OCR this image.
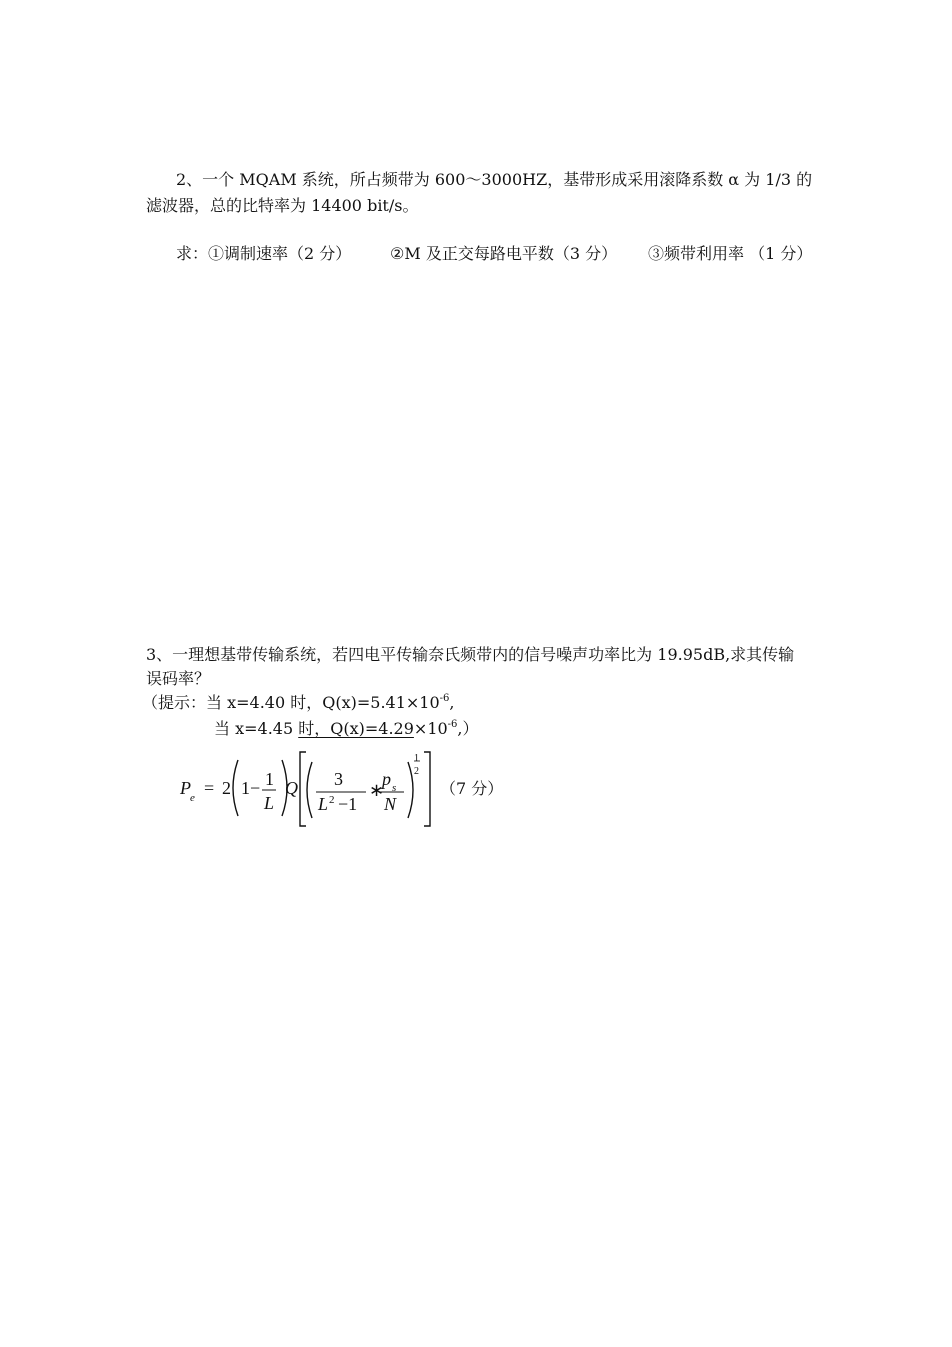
2、一个 MQAM 系统，所占频带为 600～3000HZ，基带形成采用滚降系数 α 为 1/3 的
滤波器，总的比特率为 14400 bit/s。
求：①调制速率（2 分） ②M 及正交每路电平数（3 分） ③频带利用率 （1 分）
3、一理想基带传输系统，若四电平传输奈氏频带内的信号噪声功率比为 19.95dB,求其传输
误码率？
（提示：当 x=4.40 时，$Q(x)=5.41\times 10^{-6}$,
当 x=4.45 时，$Q(x)=4.29\times 10^{-6}$,）
P e = 2 1 − 1
L
Q 3
L 2 −1
∗
p s
N
1
2
（7 分）
